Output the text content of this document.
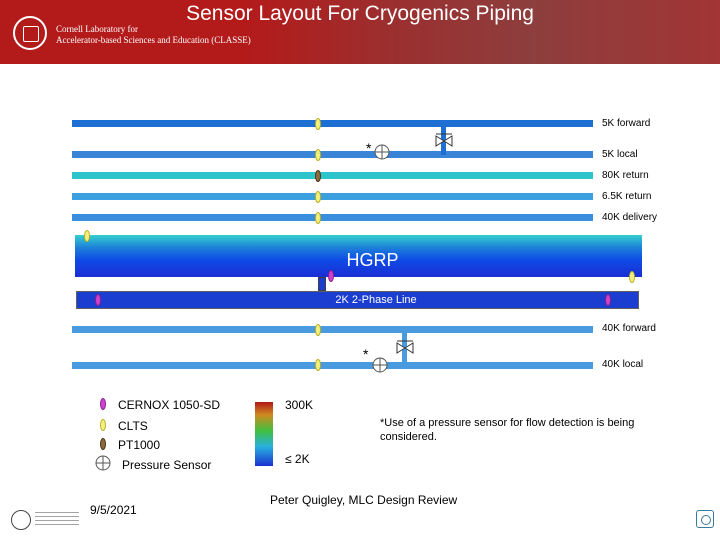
Cornell Laboratory for
Accelerator-based Sciences and Education (CLASSE)
Sensor Layout For Cryogenics Piping
5K forward
5K local
80K return
6.5K return
40K delivery
*
HGRP
2K 2-Phase Line
40K forward
40K local
*
CERNOX 1050-SD
CLTS
PT1000
Pressure Sensor
300K
≤ 2K
*Use of a pressure sensor for flow detection is being considered.
9/5/2021
Peter Quigley, MLC Design Review
